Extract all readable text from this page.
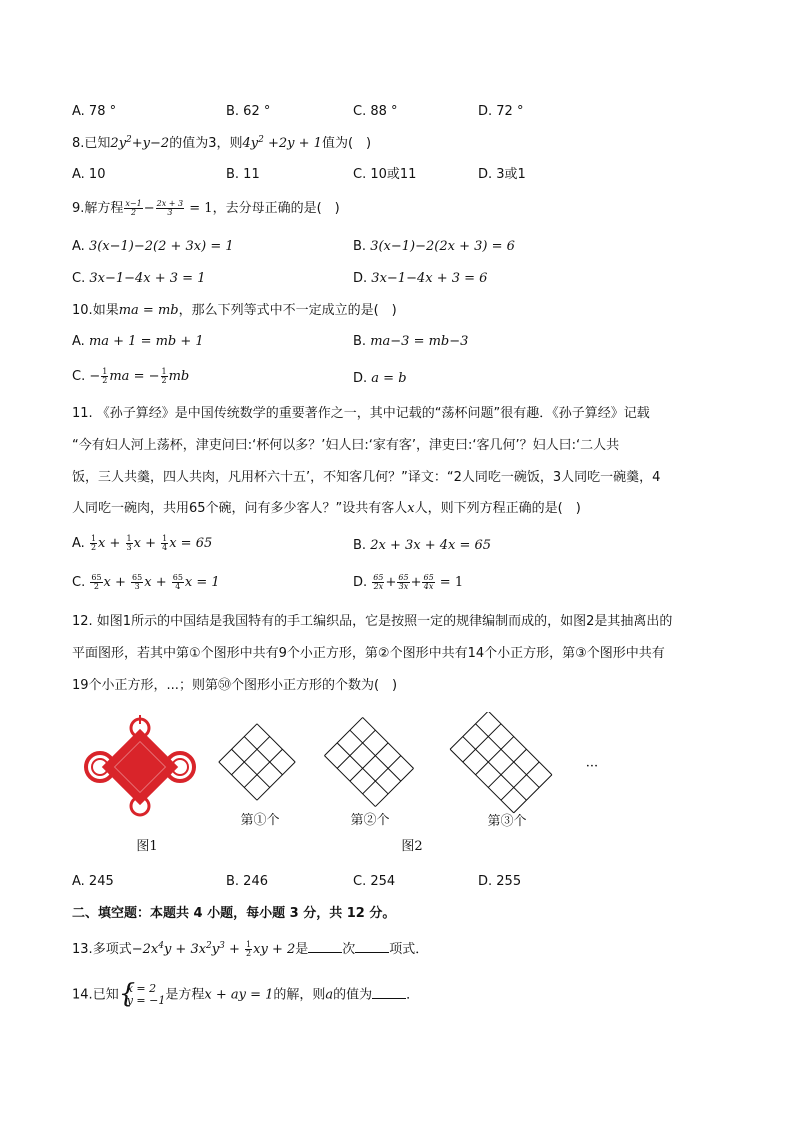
A. 78 °	B. 62 °	C. 88 °	D. 72 °
8.已知$2y^2+y-2$的值为3，则$4y^2 +2y + 1$值为(　)
A. 10	B. 11	C. 10或11	D. 3或1
9.解方程 $\frac{x-1}{2} - \frac{2x + 3}{3} = 1$，去分母正确的是(　)
A. 3(x−1)−2(2 + 3x) = 1	B. 3(x−1)−2(2x + 3) = 6
C. 3x−1−4x + 3 = 1	D. 3x−1−4x + 3 = 6
10.如果ma = mb，那么下列等式中不一定成立的是(　)
A. ma + 1 = mb + 1	B. ma−3 = mb−3
C. − $\frac{1}{2}$ ma = − $\frac{1}{2}$ mb	D. a = b
11. 《孙子算经》是中国传统数学的重要著作之一，其中记载的“荡杯问题”很有趣．《孙子算经》记载
“今有妇人河上荡杯，津吏问曰:‘杯何以多？’妇人曰:‘家有客’，津吏曰:‘客几何’？妇人曰:‘二人共
饭，三人共羹，四人共肉，凡用杯六十五’，不知客几何？”译文：“2人同吃一碗饭，3人同吃一碗羹，4
人同吃一碗肉，共用65个碗，问有多少客人？”设共有客人x人，则下列方程正确的是(　)
A. $\frac{1}{2}$ $x + \frac{1}{3}$ $x + \frac{1}{4}$ x = 65	B. 2x + 3x + 4x = 65
C. $\frac{65}{2}$ $x + \frac{65}{3}$ $x + \frac{65}{4}$ x = 1	D. $\frac{65}{2x} + \frac{65}{3x} + \frac{65}{4x} = 1$
12. 如图1所示的中国结是我国特有的手工编织品，它是按照一定的规律编制而成的，如图2是其抽离出的
平面图形，若其中第①个图形中共有9个小正方形，第②个图形中共有14个小正方形，第③个图形中共有
19个小正方形，...；则第㊿个图形小正方形的个数为(　)
图1
第①个	第②个	第③个
···
图2
A. 245	B. 246	C. 254	D. 255
二、填空题：本题共 4 小题，每小题 3 分，共 12 分。
13.多项式$-2x^4y + 3x^2y^3 + \frac{1}{2}$ xy + 2是	次	项式．
14.已知 {
x = 2
y = −1 是方程x + ay = 1的解，则a的值为	．
